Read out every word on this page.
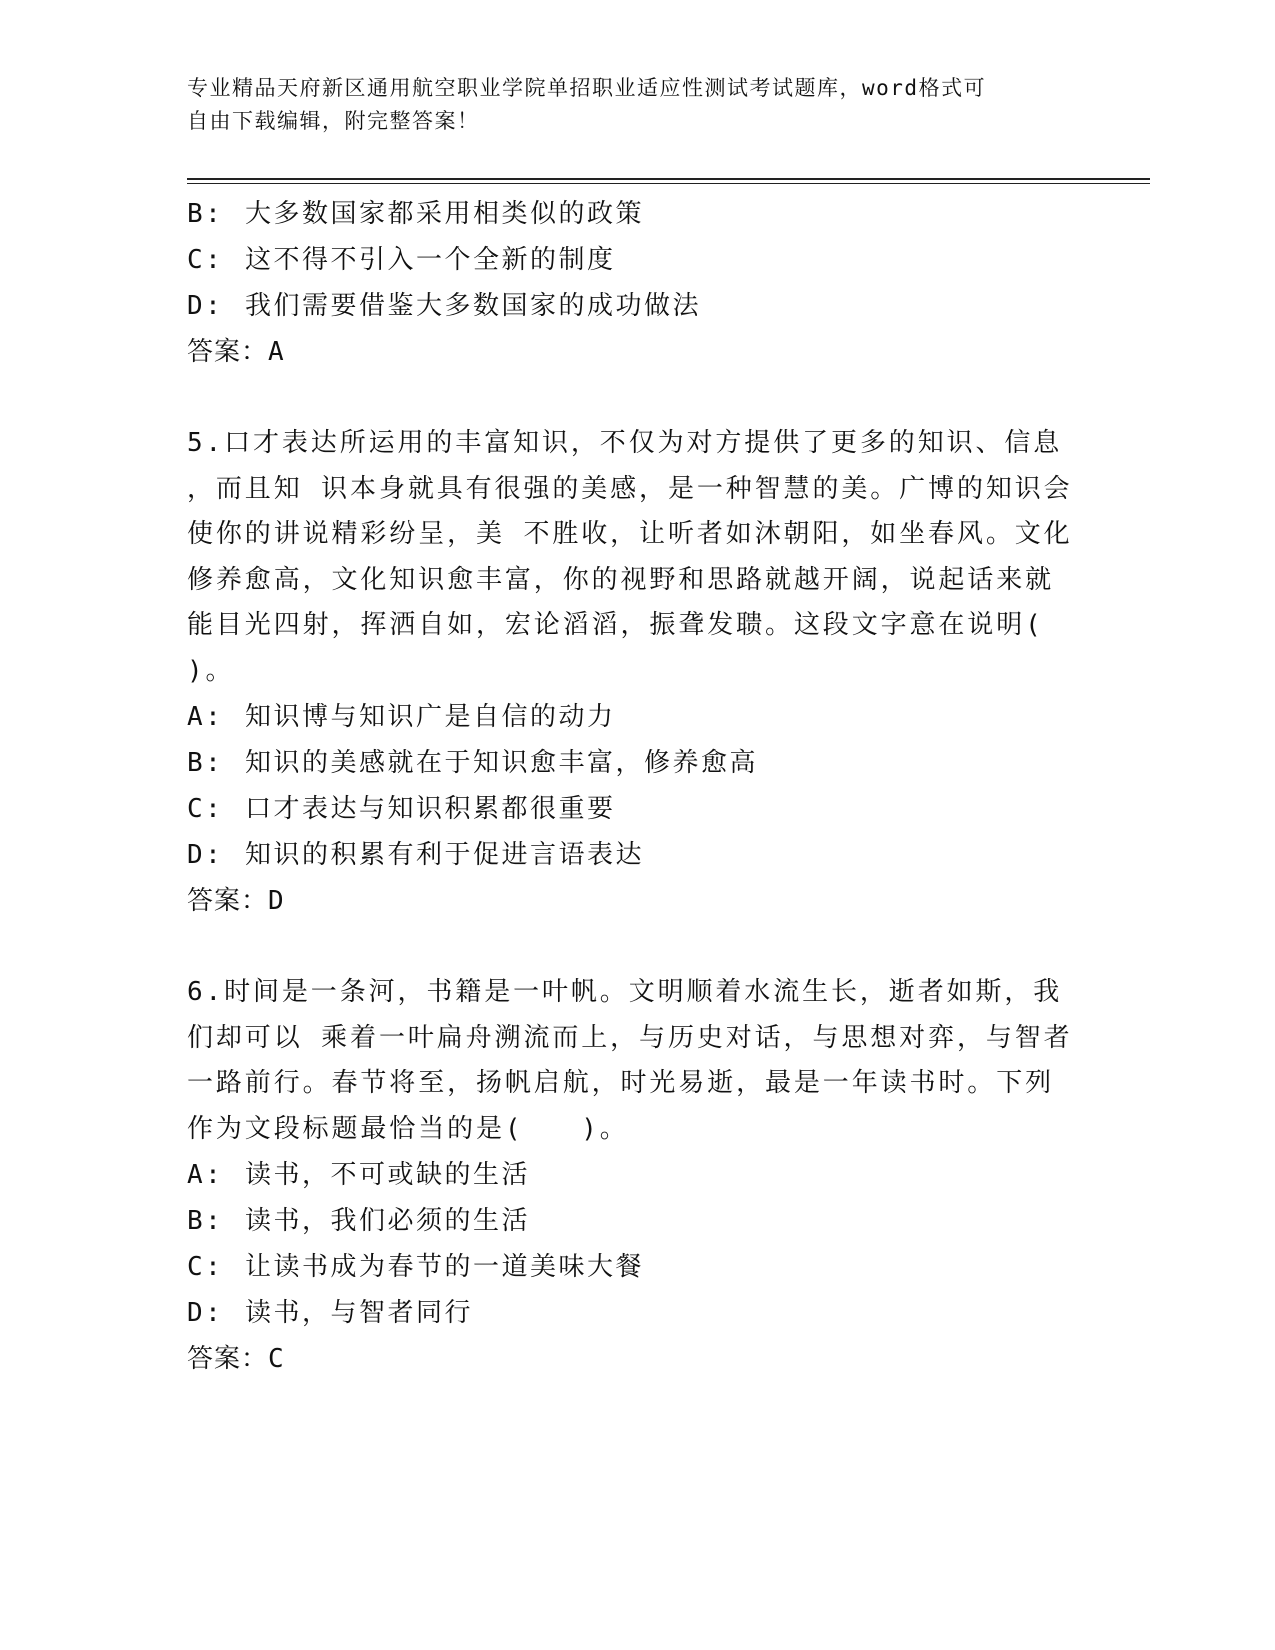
专业精品天府新区通用航空职业学院单招职业适应性测试考试题库，word格式可
自由下载编辑，附完整答案！
B: 大多数国家都采用相类似的政策
C: 这不得不引入一个全新的制度
D: 我们需要借鉴大多数国家的成功做法
答案：A
5.口才表达所运用的丰富知识，不仅为对方提供了更多的知识、信息
，而且知 识本身就具有很强的美感，是一种智慧的美。广博的知识会
使你的讲说精彩纷呈，美 不胜收，让听者如沐朝阳，如坐春风。文化
修养愈高，文化知识愈丰富，你的视野和思路就越开阔，说起话来就
能目光四射，挥洒自如，宏论滔滔，振聋发聩。这段文字意在说明(
)。
A: 知识博与知识广是自信的动力
B: 知识的美感就在于知识愈丰富，修养愈高
C: 口才表达与知识积累都很重要
D: 知识的积累有利于促进言语表达
答案：D
6.时间是一条河，书籍是一叶帆。文明顺着水流生长，逝者如斯，我
们却可以 乘着一叶扁舟溯流而上，与历史对话，与思想对弈，与智者
一路前行。春节将至，扬帆启航，时光易逝，最是一年读书时。下列
作为文段标题最恰当的是(　　)。
A: 读书，不可或缺的生活
B: 读书，我们必须的生活
C: 让读书成为春节的一道美味大餐
D: 读书，与智者同行
答案：C
